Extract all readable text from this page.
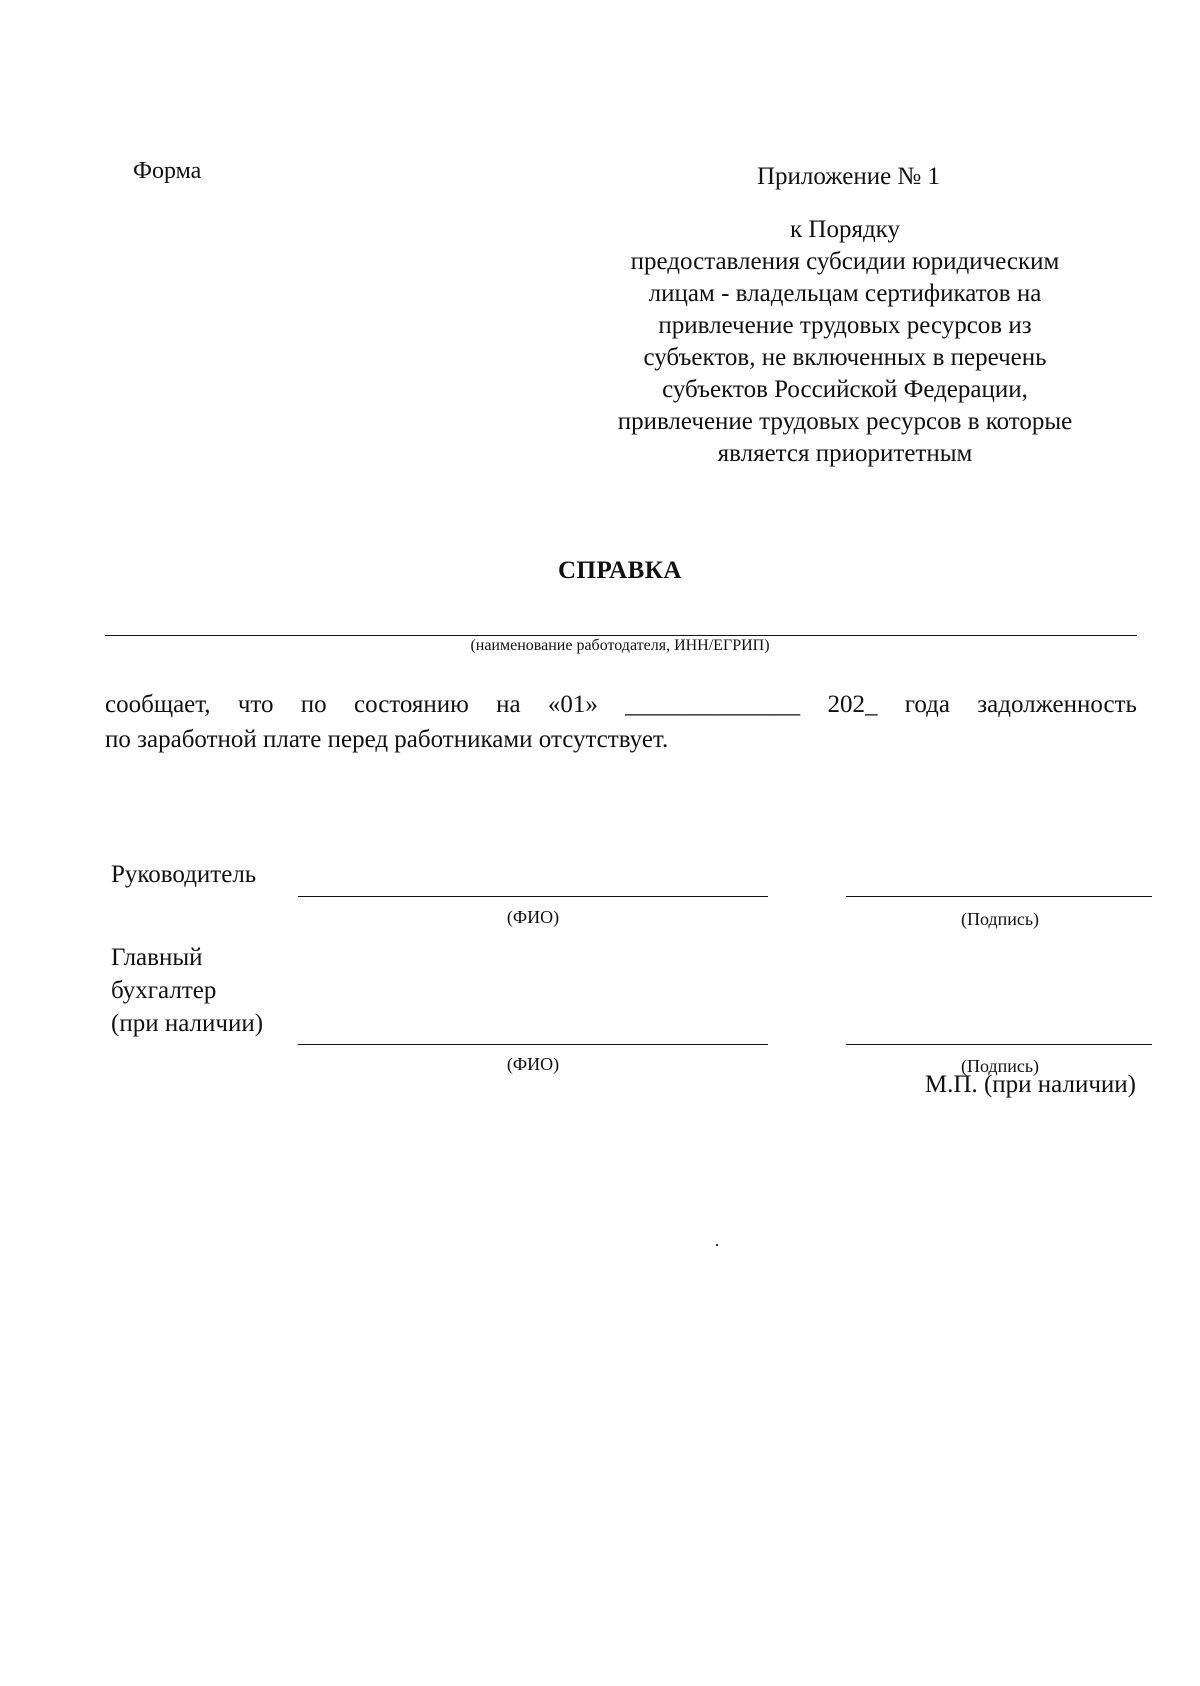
Форма	Приложение № 1
к Порядку
предоставления субсидии юридическим
лицам - владельцам сертификатов на
привлечение трудовых ресурсов из
субъектов, не включенных в перечень
субъектов Российской Федерации,
привлечение трудовых ресурсов в которые
является приоритетным
СПРАВКА
(наименование работодателя, ИНН/ЕГРИП)
сообщает, что по состоянию на «01» ______________ 202_ года задолженность
по заработной плате перед работниками отсутствует.
Руководитель
(ФИО)	(Подпись)
Главный
бухгалтер
(при наличии)
(ФИО)	(Подпись)
М.П. (при наличии)
